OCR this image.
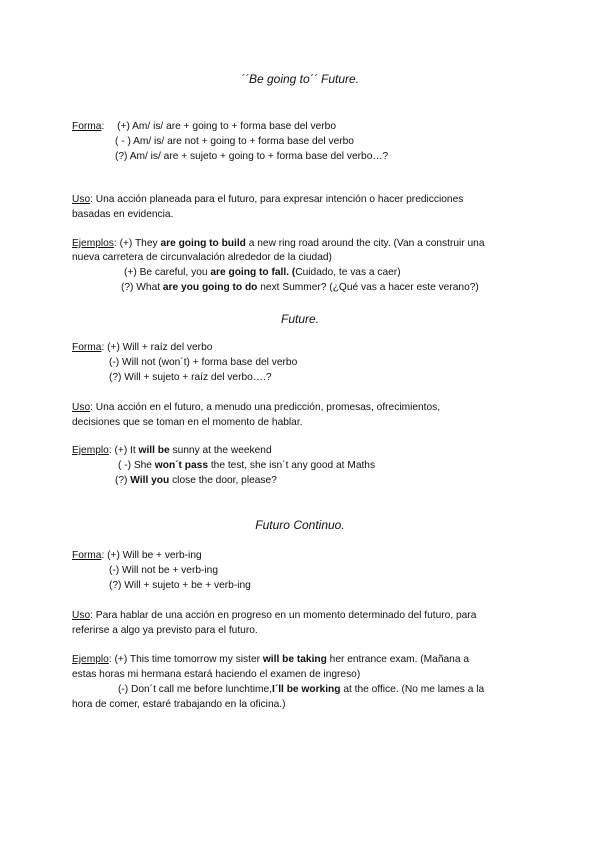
´´Be going to´´ Future.
Forma: (+) Am/ is/ are + going to + forma base del verbo
( - ) Am/ is/ are not + going to + forma base del verbo
(?) Am/ is/ are + sujeto + going to + forma base del verbo…?
Uso: Una acción planeada para el futuro, para expresar intención o hacer predicciones
basadas en evidencia.
Ejemplos: (+) They are going to build a new ring road around the city. (Van a construir una
nueva carretera de circunvalación alrededor de la ciudad)
(+) Be careful, you are going to fall. (Cuidado, te vas a caer)
(?) What are you going to do next Summer? (¿Qué vas a hacer este verano?)
Future.
Forma: (+) Will + raíz del verbo
(-) Will not (won´t) + forma base del verbo
(?) Will + sujeto + raíz del verbo….?
Uso: Una acción en el futuro, a menudo una predicción, promesas, ofrecimientos,
decisiones que se toman en el momento de hablar.
Ejemplo: (+) It will be sunny at the weekend
( -) She won´t pass the test, she isn´t any good at Maths
(?) Will you close the door, please?
Futuro Continuo.
Forma: (+) Will be + verb-ing
(-) Will not be + verb-ing
(?) Will + sujeto + be + verb-ing
Uso: Para hablar de una acción en progreso en un momento determinado del futuro, para
referirse a algo ya previsto para el futuro.
Ejemplo: (+) This time tomorrow my sister will be taking her entrance exam. (Mañana a
estas horas mi hermana estará haciendo el examen de ingreso)
(-) Don´t call me before lunchtime,I´ll be working at the office. (No me lames a la
hora de comer, estaré trabajando en la oficina.)
